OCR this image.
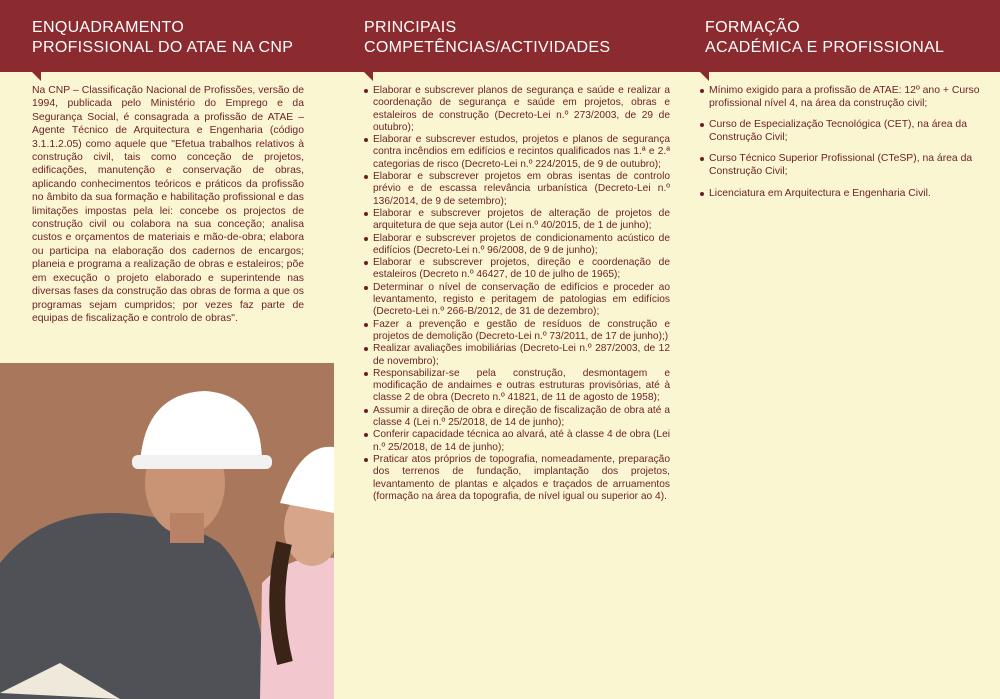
ENQUADRAMENTO
PROFISSIONAL DO ATAE NA CNP

Na CNP – Classificação Nacional de Profissões, versão de 1994, publicada pelo Ministério do Emprego e da Segurança Social, é consagrada a profissão de ATAE – Agente Técnico de Arquitectura e Engenharia (código 3.1.1.2.05) como aquele que "Efetua trabalhos relativos à construção civil, tais como conceção de projetos, edificações, manutenção e conservação de obras, aplicando conhecimentos teóricos e práticos da profissão no âmbito da sua formação e habilitação profissional e das limitações impostas pela lei: concebe os projectos de construção civil ou colabora na sua conceção; analisa custos e orçamentos de materiais e mão-de-obra; elabora ou participa na elaboração dos cadernos de encargos; planeia e programa a realização de obras e estaleiros; põe em execução o projeto elaborado e superintende nas diversas fases da construção das obras de forma a que os programas sejam cumpridos; por vezes faz parte de equipas de fiscalização e controlo de obras".

PRINCIPAIS
COMPETÊNCIAS/ACTIVIDADES
Elaborar e subscrever planos de segurança e saúde e realizar a coordenação de segurança e saúde em projetos, obras e estaleiros de construção (Decreto-Lei n.º 273/2003, de 29 de outubro);
Elaborar e subscrever estudos, projetos e planos de segurança contra incêndios em edifícios e recintos qualificados nas 1.ª e 2.ª categorias de risco (Decreto-Lei n.º 224/2015, de 9 de outubro);
Elaborar e subscrever projetos em obras isentas de controlo prévio e de escassa relevância urbanística (Decreto-Lei n.º 136/2014, de 9 de setembro);
Elaborar e subscrever projetos de alteração de projetos de arquitetura de que seja autor (Lei n.º 40/2015, de 1 de junho);
Elaborar e subscrever projetos de condicionamento acústico de edifícios (Decreto-Lei n.º 96/2008, de 9 de junho);
Elaborar e subscrever projetos, direção e coordenação de estaleiros (Decreto n.º 46427, de 10 de julho de 1965);
Determinar o nível de conservação de edifícios e proceder ao levantamento, registo e peritagem de patologias em edifícios (Decreto-Lei n.º 266-B/2012, de 31 de dezembro);
Fazer a prevenção e gestão de resíduos de construção e projetos de demolição (Decreto-Lei n.º 73/2011, de 17 de junho);)
Realizar avaliações imobiliárias (Decreto-Lei n.º 287/2003, de 12 de novembro);
Responsabilizar-se pela construção, desmontagem e modificação de andaimes e outras estruturas provisórias, até à classe 2 de obra (Decreto n.º 41821, de 11 de agosto de 1958);
Assumir a direção de obra e direção de fiscalização de obra até a classe 4 (Lei n.º 25/2018, de 14 de junho);
Conferir capacidade técnica ao alvará, até à classe 4 de obra (Lei n.º 25/2018, de 14 de junho);
Praticar atos próprios de topografia, nomeadamente, preparação dos terrenos de fundação, implantação dos projetos, levantamento de plantas e alçados e traçados de arruamentos (formação na área da topografia, de nível igual ou superior ao 4).
FORMAÇÃO
ACADÉMICA E PROFISSIONAL
Mínimo exigido para a profissão de ATAE: 12º ano + Curso profissional nível 4, na área da construção civil;
Curso de Especialização Tecnológica (CET), na área da Construção Civil;
Curso Técnico Superior Profissional (CTeSP), na área da Construção Civil;
Licenciatura em Arquitectura e Engenharia Civil.
